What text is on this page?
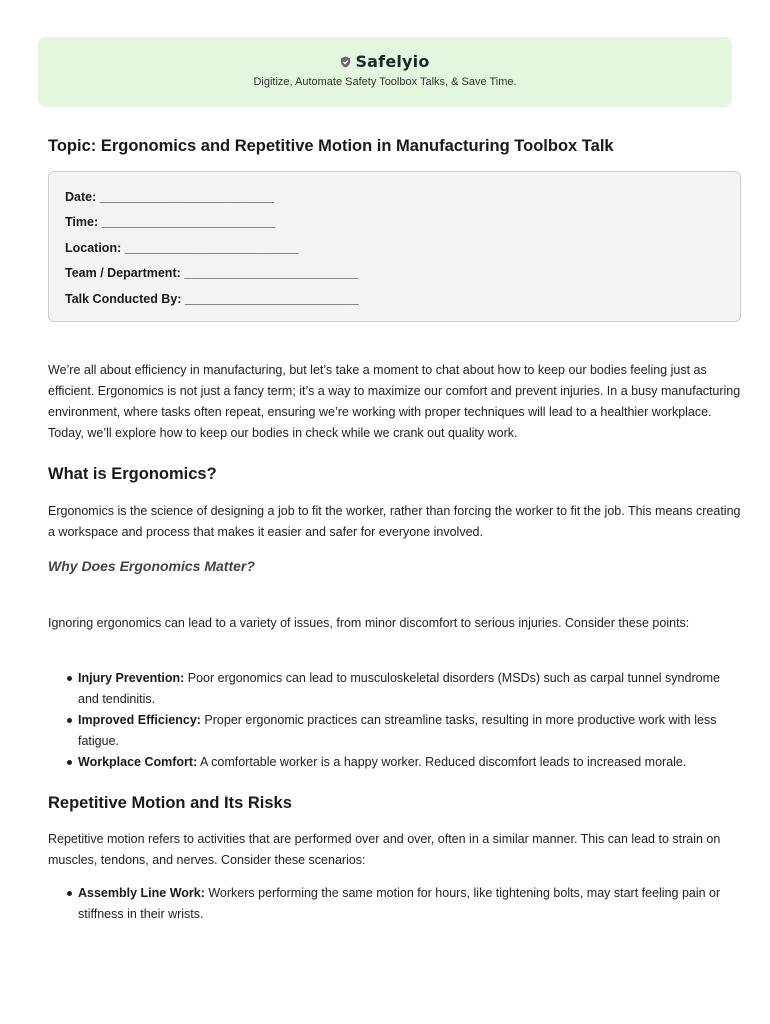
Safelyio
Digitize, Automate Safety Toolbox Talks, & Save Time.
Topic: Ergonomics and Repetitive Motion in Manufacturing Toolbox Talk
Date: _________________________
Time: _________________________
Location: _________________________
Team / Department: _________________________
Talk Conducted By: _________________________

We’re all about efficiency in manufacturing, but let’s take a moment to chat about how to keep our bodies feeling just as efficient. Ergonomics is not just a fancy term; it’s a way to maximize our comfort and prevent injuries. In a busy manufacturing environment, where tasks often repeat, ensuring we’re working with proper techniques will lead to a healthier workplace. Today, we’ll explore how to keep our bodies in check while we crank out quality work.

What is Ergonomics?

Ergonomics is the science of designing a job to fit the worker, rather than forcing the worker to fit the job. This means creating a workspace and process that makes it easier and safer for everyone involved.

Why Does Ergonomics Matter?

Ignoring ergonomics can lead to a variety of issues, from minor discomfort to serious injuries. Consider these points:

Injury Prevention: Poor ergonomics can lead to musculoskeletal disorders (MSDs) such as carpal tunnel syndrome and tendinitis.
Improved Efficiency: Proper ergonomic practices can streamline tasks, resulting in more productive work with less fatigue.
Workplace Comfort: A comfortable worker is a happy worker. Reduced discomfort leads to increased morale.
Repetitive Motion and Its Risks

Repetitive motion refers to activities that are performed over and over, often in a similar manner. This can lead to strain on muscles, tendons, and nerves. Consider these scenarios:

Assembly Line Work: Workers performing the same motion for hours, like tightening bolts, may start feeling pain or stiffness in their wrists.
